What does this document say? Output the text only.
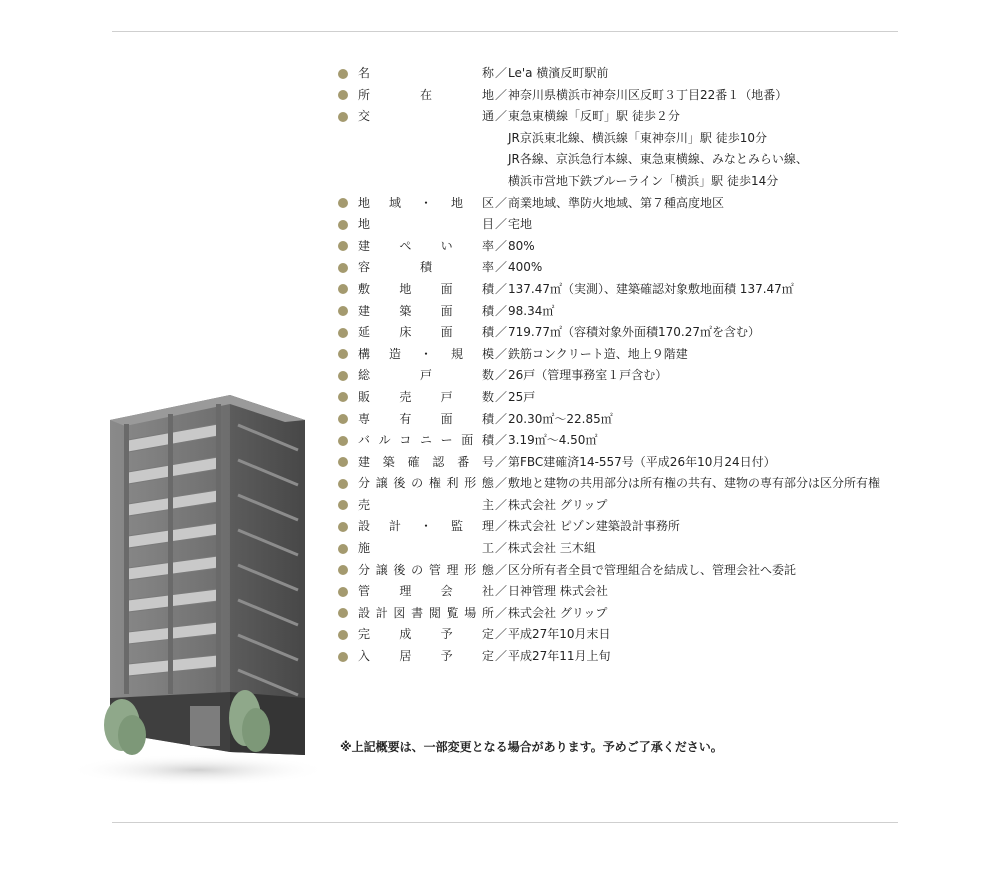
名	称 ／ Le'a 横濱反町駅前
所	在	地 ／ 神奈川県横浜市神奈川区反町３丁目22番１（地番）
交	通 ／ 東急東横線「反町」駅 徒歩２分
JR京浜東北線、横浜線「東神奈川」駅 徒歩10分
JR各線、京浜急行本線、東急東横線、みなとみらい線、
横浜市営地下鉄ブルーライン「横浜」駅 徒歩14分
地 域 ・ 地 区 ／ 商業地域、準防火地域、第７種高度地区
地	目 ／ 宅地
建 ぺ い 率 ／ 80%
容	積	率 ／ 400%
敷 地 面 積 ／ 137.47㎡（実測）、建築確認対象敷地面積 137.47㎡
建 築 面 積 ／ 98.34㎡
延 床 面 積 ／ 719.77㎡（容積対象外面積170.27㎡を含む）
構 造 ・ 規 模 ／ 鉄筋コンクリート造、地上９階建
総	戸	数 ／ 26戸（管理事務室１戸含む）
販 売 戸 数 ／ 25戸
専 有 面 積 ／ 20.30㎡〜22.85㎡
バ ル コ ニ ー 面 積 ／ 3.19㎡〜4.50㎡
建 築 確 認 番 号 ／ 第FBC建確済14-557号（平成26年10月24日付）
分 譲 後 の 権 利 形 態 ／ 敷地と建物の共用部分は所有権の共有、建物の専有部分は区分所有権
売	主 ／ 株式会社 グリップ
設 計 ・ 監 理 ／ 株式会社 ピゾン建築設計事務所
施	工 ／ 株式会社 三木組
分 譲 後 の 管 理 形 態 ／ 区分所有者全員で管理組合を結成し、管理会社へ委託
管 理 会 社 ／ 日神管理 株式会社
設 計 図 書 閲 覧 場 所 ／ 株式会社 グリップ
完 成 予 定 ／ 平成27年10月末日
入 居 予 定 ／ 平成27年11月上旬
※上記概要は、一部変更となる場合があります。予めご了承ください。
